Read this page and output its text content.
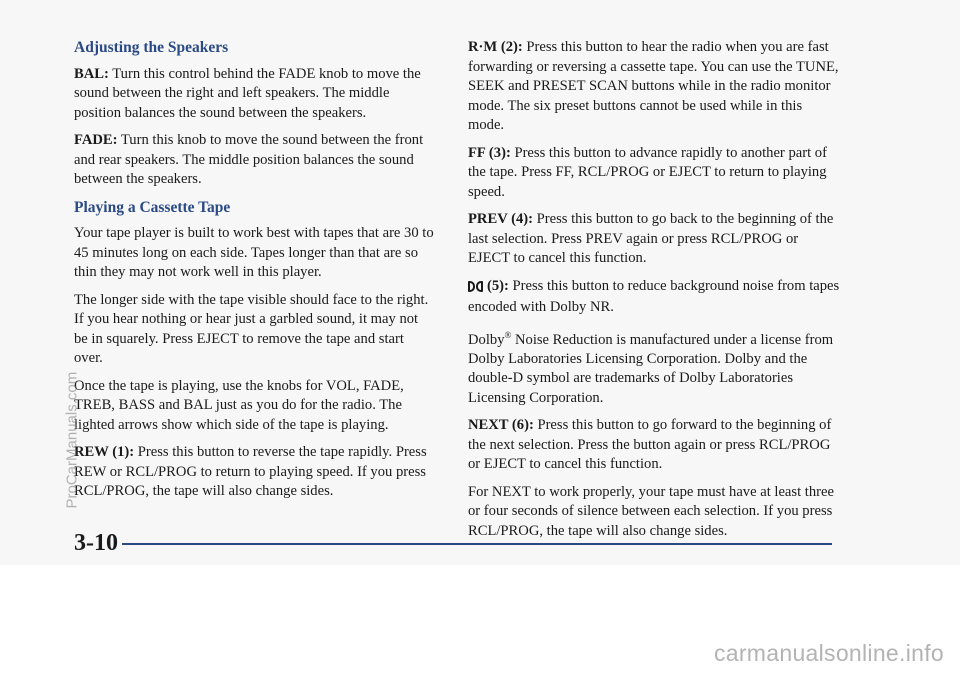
Adjusting the Speakers

BAL: Turn this control behind the FADE knob to move the sound between the right and left speakers. The middle position balances the sound between the speakers.

FADE: Turn this knob to move the sound between the front and rear speakers. The middle position balances the sound between the speakers.

Playing a Cassette Tape

Your tape player is built to work best with tapes that are 30 to 45 minutes long on each side. Tapes longer than that are so thin they may not work well in this player.

The longer side with the tape visible should face to the right. If you hear nothing or hear just a garbled sound, it may not be in squarely. Press EJECT to remove the tape and start over.

Once the tape is playing, use the knobs for VOL, FADE, TREB, BASS and BAL just as you do for the radio. The lighted arrows show which side of the tape is playing.

REW (1): Press this button to reverse the tape rapidly. Press REW or RCL/PROG to return to playing speed. If you press RCL/PROG, the tape will also change sides.

R·M (2): Press this button to hear the radio when you are fast forwarding or reversing a cassette tape. You can use the TUNE, SEEK and PRESET SCAN buttons while in the radio monitor mode. The six preset buttons cannot be used while in this mode.

FF (3): Press this button to advance rapidly to another part of the tape. Press FF, RCL/PROG or EJECT to return to playing speed.

PREV (4): Press this button to go back to the beginning of the last selection. Press PREV again or press RCL/PROG or EJECT to cancel this function.

(5): Press this button to reduce background noise from tapes encoded with Dolby NR.

Dolby® Noise Reduction is manufactured under a license from Dolby Laboratories Licensing Corporation. Dolby and the double-D symbol are trademarks of Dolby Laboratories Licensing Corporation.

NEXT (6): Press this button to go forward to the beginning of the next selection. Press the button again or press RCL/PROG or EJECT to cancel this function.

For NEXT to work properly, your tape must have at least three or four seconds of silence between each selection. If you press RCL/PROG, the tape will also change sides.

3-10
ProCarManuals.com
carmanualsonline.info
